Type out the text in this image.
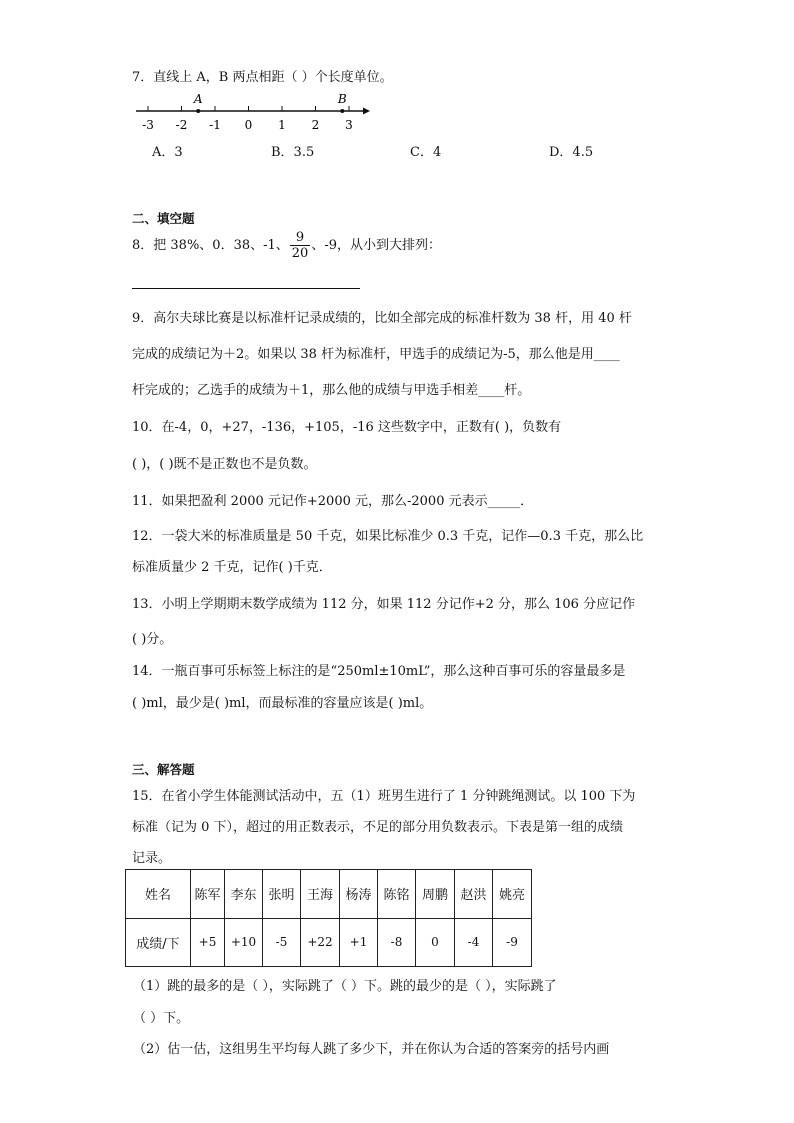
7．直线上 A，B 两点相距（ ）个长度单位。
-3 -2 -1 0 1 2 3
A	B
A．3	B．3.5	C．4	D．4.5
二、填空题
8．把 38%、0．38、-1、 $\frac{9}{20}$ 、-9，从小到大排列：
9．高尔夫球比赛是以标准杆记录成绩的，比如全部完成的标准杆数为 38 杆，用 40 杆
完成的成绩记为＋2。如果以 38 杆为标准杆，甲选手的成绩记为-5，那么他是用____
杆完成的；乙选手的成绩为＋1，那么他的成绩与甲选手相差____杆。
10．在-4，0，+27，-136，+105，-16 这些数字中，正数有( )，负数有
( )，( )既不是正数也不是负数。
11．如果把盈利 2000 元记作+2000 元，那么-2000 元表示_____．
12．一袋大米的标准质量是 50 千克，如果比标准少 0.3 千克，记作—0.3 千克，那么比
标准质量少 2 千克，记作( )千克．
13．小明上学期期末数学成绩为 112 分，如果 112 分记作+2 分，那么 106 分应记作
( )分。
14．一瓶百事可乐标签上标注的是“250ml±10mL”，那么这种百事可乐的容量最多是
( )ml，最少是( )ml，而最标准的容量应该是( )ml。
三、解答题
15．在省小学生体能测试活动中，五（1）班男生进行了 1 分钟跳绳测试。以 100 下为
标准（记为 0 下），超过的用正数表示，不足的部分用负数表示。下表是第一组的成绩
记录。
姓名	陈军	李东	张明	王海	杨涛	陈铭	周鹏	赵洪	姚亮
成绩/下	+5	+10	-5	+22	+1	-8	0	-4	-9
（1）跳的最多的是（ ），实际跳了（ ）下。跳的最少的是（ ），实际跳了
（ ）下。
（2）估一估，这组男生平均每人跳了多少下，并在你认为合适的答案旁的括号内画
